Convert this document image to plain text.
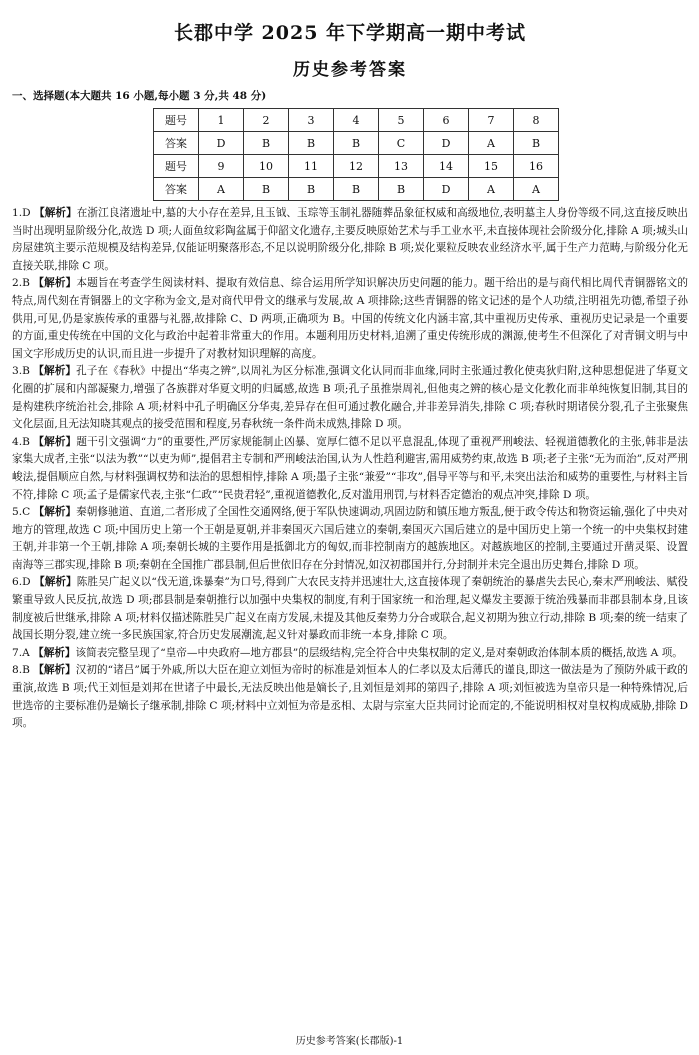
长郡中学 2025 年下学期高一期中考试
历史参考答案
一、选择题(本大题共 16 小题,每小题 3 分,共 48 分)
题号	1	2	3	4	5	6	7	8
答案	D	B	B	B	C	D	A	B
题号	9	10	11	12	13	14	15	16
答案	A	B	B	B	B	D	A	A

1.D 【解析】在浙江良渚遗址中,墓的大小存在差异,且玉钺、玉琮等玉制礼器随葬品象征权威和高级地位,表明墓主人身份等级不同,这直接反映出当时出现明显阶级分化,故选 D 项;人面鱼纹彩陶盆属于仰韶文化遗存,主要反映原始艺术与手工业水平,未直接体现社会阶级分化,排除 A 项;城头山房屋建筑主要示范规模及结构差异,仅能证明聚落形态,不足以说明阶级分化,排除 B 项;炭化粟粒反映农业经济水平,属于生产力范畴,与阶级分化无直接关联,排除 C 项。

2.B 【解析】本题旨在考查学生阅读材料、提取有效信息、综合运用所学知识解决历史问题的能力。题干给出的是与商代相比周代青铜器铭文的特点,周代刻在青铜器上的文字称为金文,是对商代甲骨文的继承与发展,故 A 项排除;这些青铜器的铭文记述的是个人功绩,注明祖先功德,希望子孙供用,可见,仍是家族传承的重器与礼器,故排除 C、D 两项,正确项为 B。中国的传统文化内涵丰富,其中重视历史传承、重视历史记录是一个重要的方面,重史传统在中国的文化与政治中起着非常重大的作用。本题利用历史材料,追溯了重史传统形成的渊源,使考生不但深化了对青铜文明与中国文字形成历史的认识,而且进一步提升了对教材知识理解的高度。

3.B 【解析】孔子在《春秋》中提出“华夷之辨”,以周礼为区分标准,强调文化认同而非血缘,同时主张通过教化使夷狄归附,这种思想促进了华夏文化圈的扩展和内部凝聚力,增强了各族群对华夏文明的归属感,故选 B 项;孔子虽推崇周礼,但他夷之辨的核心是文化教化而非单纯恢复旧制,其目的是构建秩序统治社会,排除 A 项;材料中孔子明确区分华夷,差异存在但可通过教化融合,并非差异消失,排除 C 项;春秋时期诸侯分裂,孔子主张聚焦文化层面,且无法知晓其观点的接受范围和程度,另春秋统一条件尚未成熟,排除 D 项。

4.B 【解析】题干引文强调“力”的重要性,严厉家规能制止凶暴、宽厚仁德不足以平息混乱,体现了重视严刑峻法、轻视道德教化的主张,韩非是法家集大成者,主张“以法为教”“以吏为师”,提倡君主专制和严刑峻法治国,认为人性趋利避害,需用威势约束,故选 B 项;老子主张“无为而治”,反对严刑峻法,提倡顺应自然,与材料强调权势和法治的思想相悖,排除 A 项;墨子主张“兼爱”“非攻”,倡导平等与和平,未突出法治和威势的重要性,与材料主旨不符,排除 C 项;孟子是儒家代表,主张“仁政”“民贵君轻”,重视道德教化,反对滥用刑罚,与材料否定德治的观点冲突,排除 D 项。

5.C 【解析】秦朝修驰道、直道,二者形成了全国性交通网络,便于军队快速调动,巩固边防和镇压地方叛乱,便于政令传达和物资运输,强化了中央对地方的管理,故选 C 项;中国历史上第一个王朝是夏朝,并非秦国灭六国后建立的秦朝,秦国灭六国后建立的是中国历史上第一个统一的中央集权封建王朝,并非第一个王朝,排除 A 项;秦朝长城的主要作用是抵御北方的匈奴,而非控制南方的越族地区。对越族地区的控制,主要通过开凿灵渠、设置南海等三郡实现,排除 B 项;秦朝在全国推广郡县制,但后世依旧存在分封情况,如汉初郡国并行,分封制并未完全退出历史舞台,排除 D 项。

6.D 【解析】陈胜吴广起义以“伐无道,诛暴秦”为口号,得到广大农民支持并迅速壮大,这直接体现了秦朝统治的暴虐失去民心,秦末严刑峻法、赋役繁重导致人民反抗,故选 D 项;郡县制是秦朝推行以加强中央集权的制度,有利于国家统一和治理,起义爆发主要源于统治残暴而非郡县制本身,且该制度被后世继承,排除 A 项;材料仅描述陈胜吴广起义在南方发展,未提及其他反秦势力分合或联合,起义初期为独立行动,排除 B 项;秦的统一结束了战国长期分裂,建立统一多民族国家,符合历史发展潮流,起义针对暴政而非统一本身,排除 C 项。

7.A 【解析】该简表完整呈现了“皇帝—中央政府—地方郡县”的层级结构,完全符合中央集权制的定义,是对秦朝政治体制本质的概括,故选 A 项。

8.B 【解析】汉初的“诸吕”属于外戚,所以大臣在迎立刘恒为帝时的标准是刘恒本人的仁孝以及太后薄氏的谨良,即这一做法是为了预防外戚干政的重演,故选 B 项;代王刘恒是刘邦在世诸子中最长,无法反映出他是嫡长子,且刘恒是刘邦的第四子,排除 A 项;刘恒被选为皇帝只是一种特殊情况,后世选帝的主要标准仍是嫡长子继承制,排除 C 项;材料中立刘恒为帝是丞相、太尉与宗室大臣共同讨论而定的,不能说明相权对皇权构成威胁,排除 D 项。

历史参考答案(长郡版)-1
